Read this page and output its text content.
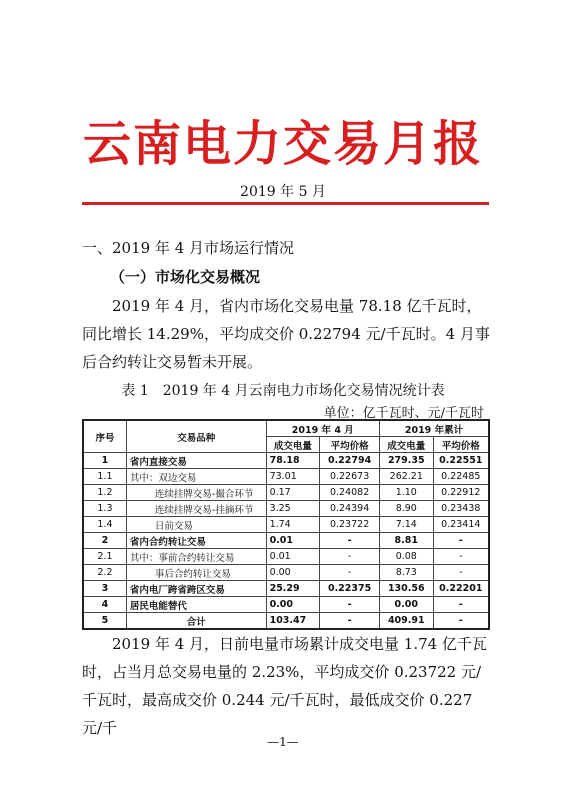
云南电力交易月报
2019 年 5 月
一、2019 年 4 月市场运行情况
（一）市场化交易概况
2019 年 4 月，省内市场化交易电量 78.18 亿千瓦时，同比增长 14.29%，平均成交价 0.22794 元/千瓦时。4 月事后合约转让交易暂未开展。
表 1　2019 年 4 月云南电力市场化交易情况统计表
单位：亿千瓦时、元/千瓦时
序号	交易品种	2019 年 4 月		2019 年累计	
		成交电量	平均价格	成交电量	平均价格
1	省内直接交易	78.18	0.22794	279.35	0.22551
1.1	其中：双边交易	73.01	0.22673	262.21	0.22485
1.2	连续挂牌交易-撮合环节	0.17	0.24082	1.10	0.22912
1.3	连续挂牌交易-挂摘环节	3.25	0.24394	8.90	0.23438
1.4	日前交易	1.74	0.23722	7.14	0.23414
2	省内合约转让交易	0.01	-	8.81	-
2.1	其中：事前合约转让交易	0.01	-	0.08	-
2.2	事后合约转让交易	0.00	-	8.73	-
3	省内电厂跨省跨区交易	25.29	0.22375	130.56	0.22201
4	居民电能替代	0.00	-	0.00	-
5	合计	103.47	-	409.91	-
2019 年 4 月，日前电量市场累计成交电量 1.74 亿千瓦时，占当月总交易电量的 2.23%，平均成交价 0.23722 元/千瓦时，最高成交价 0.244 元/千瓦时，最低成交价 0.227 元/千
—1—
